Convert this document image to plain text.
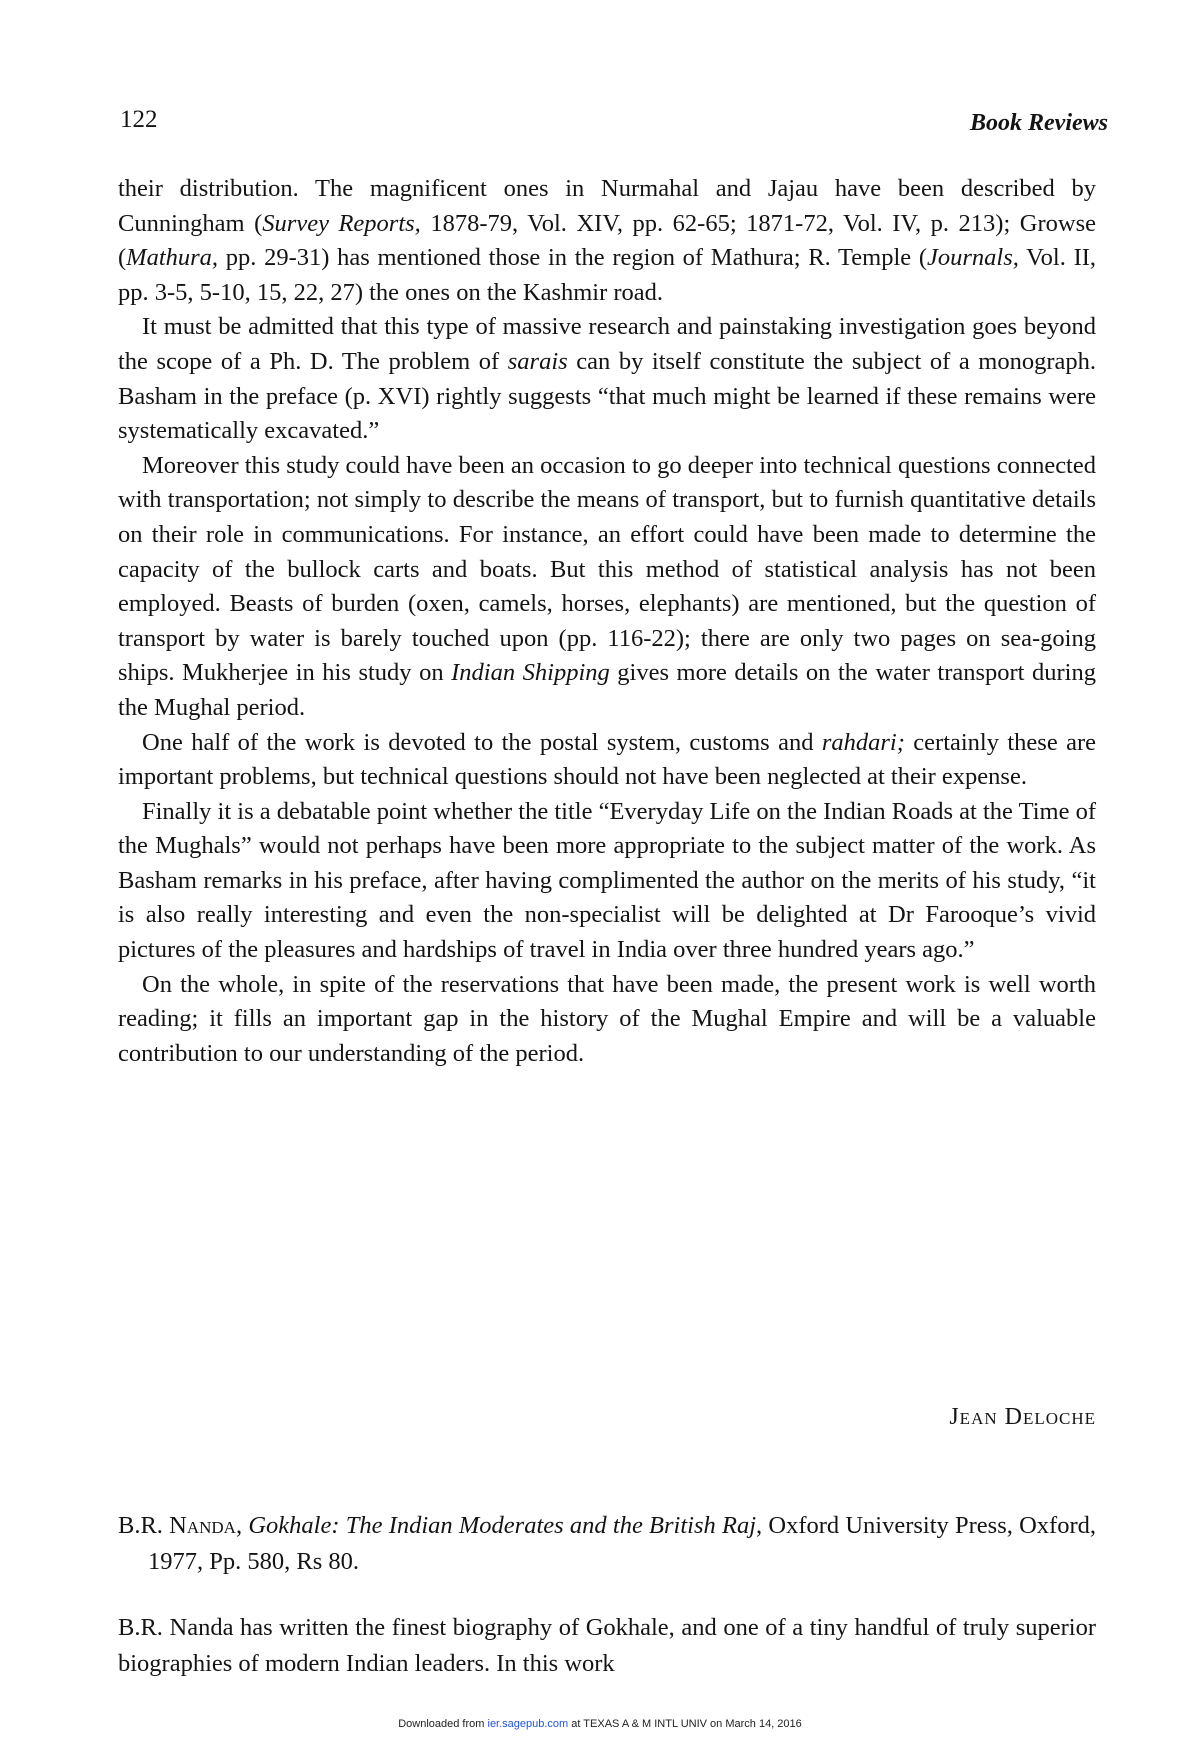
122	Book Reviews

their distribution. The magnificent ones in Nurmahal and Jajau have been described by Cunningham (Survey Reports, 1878-79, Vol. XIV, pp. 62-65; 1871-72, Vol. IV, p. 213); Growse (Mathura, pp. 29-31) has mentioned those in the region of Mathura; R. Temple (Journals, Vol. II, pp. 3-5, 5-10, 15, 22, 27) the ones on the Kashmir road.

It must be admitted that this type of massive research and painstaking investigation goes beyond the scope of a Ph. D. The problem of sarais can by itself constitute the subject of a monograph. Basham in the preface (p. XVI) rightly suggests “that much might be learned if these remains were systematically excavated.”

Moreover this study could have been an occasion to go deeper into technical questions connected with transportation; not simply to describe the means of transport, but to furnish quantitative details on their role in communications. For instance, an effort could have been made to determine the capacity of the bullock carts and boats. But this method of statistical analysis has not been employed. Beasts of burden (oxen, camels, horses, elephants) are mentioned, but the question of transport by water is barely touched upon (pp. 116-22); there are only two pages on sea-going ships. Mukherjee in his study on Indian Shipping gives more details on the water transport during the Mughal period.

One half of the work is devoted to the postal system, customs and rahdari; certainly these are important problems, but technical questions should not have been neglected at their expense.

Finally it is a debatable point whether the title “Everyday Life on the Indian Roads at the Time of the Mughals” would not perhaps have been more appropriate to the subject matter of the work. As Basham remarks in his preface, after having complimented the author on the merits of his study, “it is also really interesting and even the non-specialist will be delighted at Dr Farooque’s vivid pictures of the pleasures and hardships of travel in India over three hundred years ago.”

On the whole, in spite of the reservations that have been made, the present work is well worth reading; it fills an important gap in the history of the Mughal Empire and will be a valuable contribution to our understanding of the period.

Jean Deloche
B.R. Nanda, Gokhale: The Indian Moderates and the British Raj, Oxford University Press, Oxford, 1977, Pp. 580, Rs 80.
B.R. Nanda has written the finest biography of Gokhale, and one of a tiny handful of truly superior biographies of modern Indian leaders. In this work
Downloaded from ier.sagepub.com at TEXAS A & M INTL UNIV on March 14, 2016
